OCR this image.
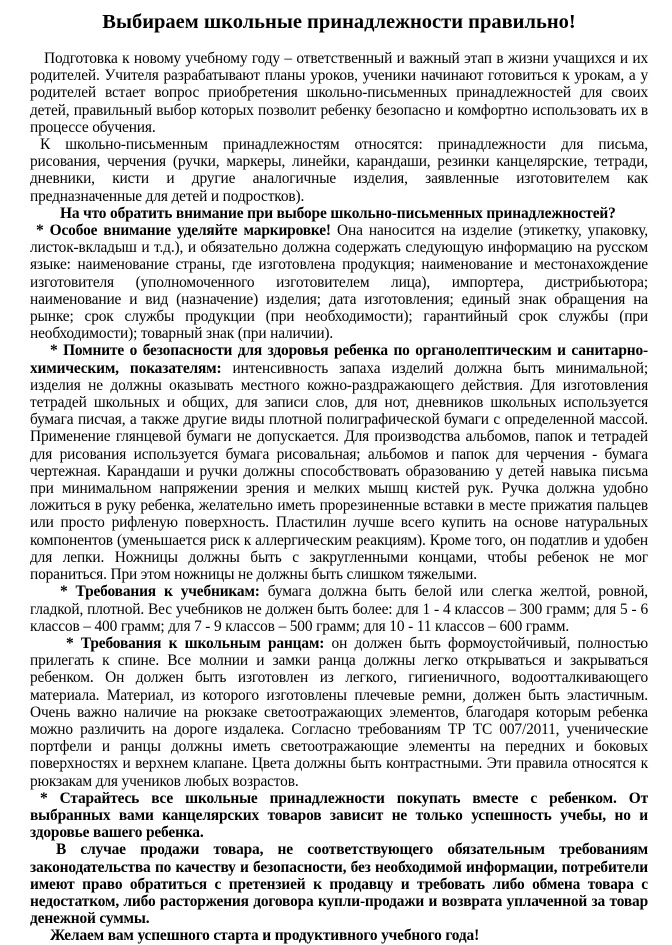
Выбираем школьные принадлежности правильно!

Подготовка к новому учебному году – ответственный и важный этап в жизни учащихся и их родителей. Учителя разрабатывают планы уроков, ученики начинают готовиться к урокам, а у родителей встает вопрос приобретения школьно-письменных принадлежностей для своих детей, правильный выбор которых позволит ребенку безопасно и комфортно использовать их в процессе обучения.

К школьно-письменным принадлежностям относятся: принадлежности для письма, рисования, черчения (ручки, маркеры, линейки, карандаши, резинки канцелярские, тетради, дневники, кисти и другие аналогичные изделия, заявленные изготовителем как предназначенные для детей и подростков).

На что обратить внимание при выборе школьно-письменных принадлежностей?

* Особое внимание уделяйте маркировке! Она наносится на изделие (этикетку, упаковку, листок-вкладыш и т.д.), и обязательно должна содержать следующую информацию на русском языке: наименование страны, где изготовлена продукция; наименование и местонахождение изготовителя (уполномоченного изготовителем лица), импортера, дистрибьютора; наименование и вид (назначение) изделия; дата изготовления; единый знак обращения на рынке; срок службы продукции (при необходимости); гарантийный срок службы (при необходимости); товарный знак (при наличии).

* Помните о безопасности для здоровья ребенка по органолептическим и санитарно-химическим, показателям: интенсивность запаха изделий должна быть минимальной; изделия не должны оказывать местного кожно-раздражающего действия. Для изготовления тетрадей школьных и общих, для записи слов, для нот, дневников школьных используется бумага писчая, а также другие виды плотной полиграфической бумаги с определенной массой. Применение глянцевой бумаги не допускается. Для производства альбомов, папок и тетрадей для рисования используется бумага рисовальная; альбомов и папок для черчения - бумага чертежная. Карандаши и ручки должны способствовать образованию у детей навыка письма при минимальном напряжении зрения и мелких мышц кистей рук. Ручка должна удобно ложиться в руку ребенка, желательно иметь прорезиненные вставки в месте прижатия пальцев или просто рифленую поверхность. Пластилин лучше всего купить на основе натуральных компонентов (уменьшается риск к аллергическим реакциям). Кроме того, он податлив и удобен для лепки. Ножницы должны быть с закругленными концами, чтобы ребенок не мог пораниться. При этом ножницы не должны быть слишком тяжелыми.

* Требования к учебникам: бумага должна быть белой или слегка желтой, ровной, гладкой, плотной. Вес учебников не должен быть более: для 1 - 4 классов – 300 грамм; для 5 - 6 классов – 400 грамм; для 7 - 9 классов – 500 грамм; для 10 - 11 классов – 600 грамм.

* Требования к школьным ранцам: он должен быть формоустойчивый, полностью прилегать к спине. Все молнии и замки ранца должны легко открываться и закрываться ребенком. Он должен быть изготовлен из легкого, гигиеничного, водоотталкивающего материала. Материал, из которого изготовлены плечевые ремни, должен быть эластичным. Очень важно наличие на рюкзаке светоотражающих элементов, благодаря которым ребенка можно различить на дороге издалека. Согласно требованиям ТР ТС 007/2011, ученические портфели и ранцы должны иметь светоотражающие элементы на передних и боковых поверхностях и верхнем клапане. Цвета должны быть контрастными. Эти правила относятся к рюкзакам для учеников любых возрастов.

* Старайтесь все школьные принадлежности покупать вместе с ребенком. От выбранных вами канцелярских товаров зависит не только успешность учебы, но и здоровье вашего ребенка.

В случае продажи товара, не соответствующего обязательным требованиям законодательства по качеству и безопасности, без необходимой информации, потребители имеют право обратиться с претензией к продавцу и требовать либо обмена товара с недостатком, либо расторжения договора купли-продажи и возврата уплаченной за товар денежной суммы.

Желаем вам успешного старта и продуктивного учебного года!
